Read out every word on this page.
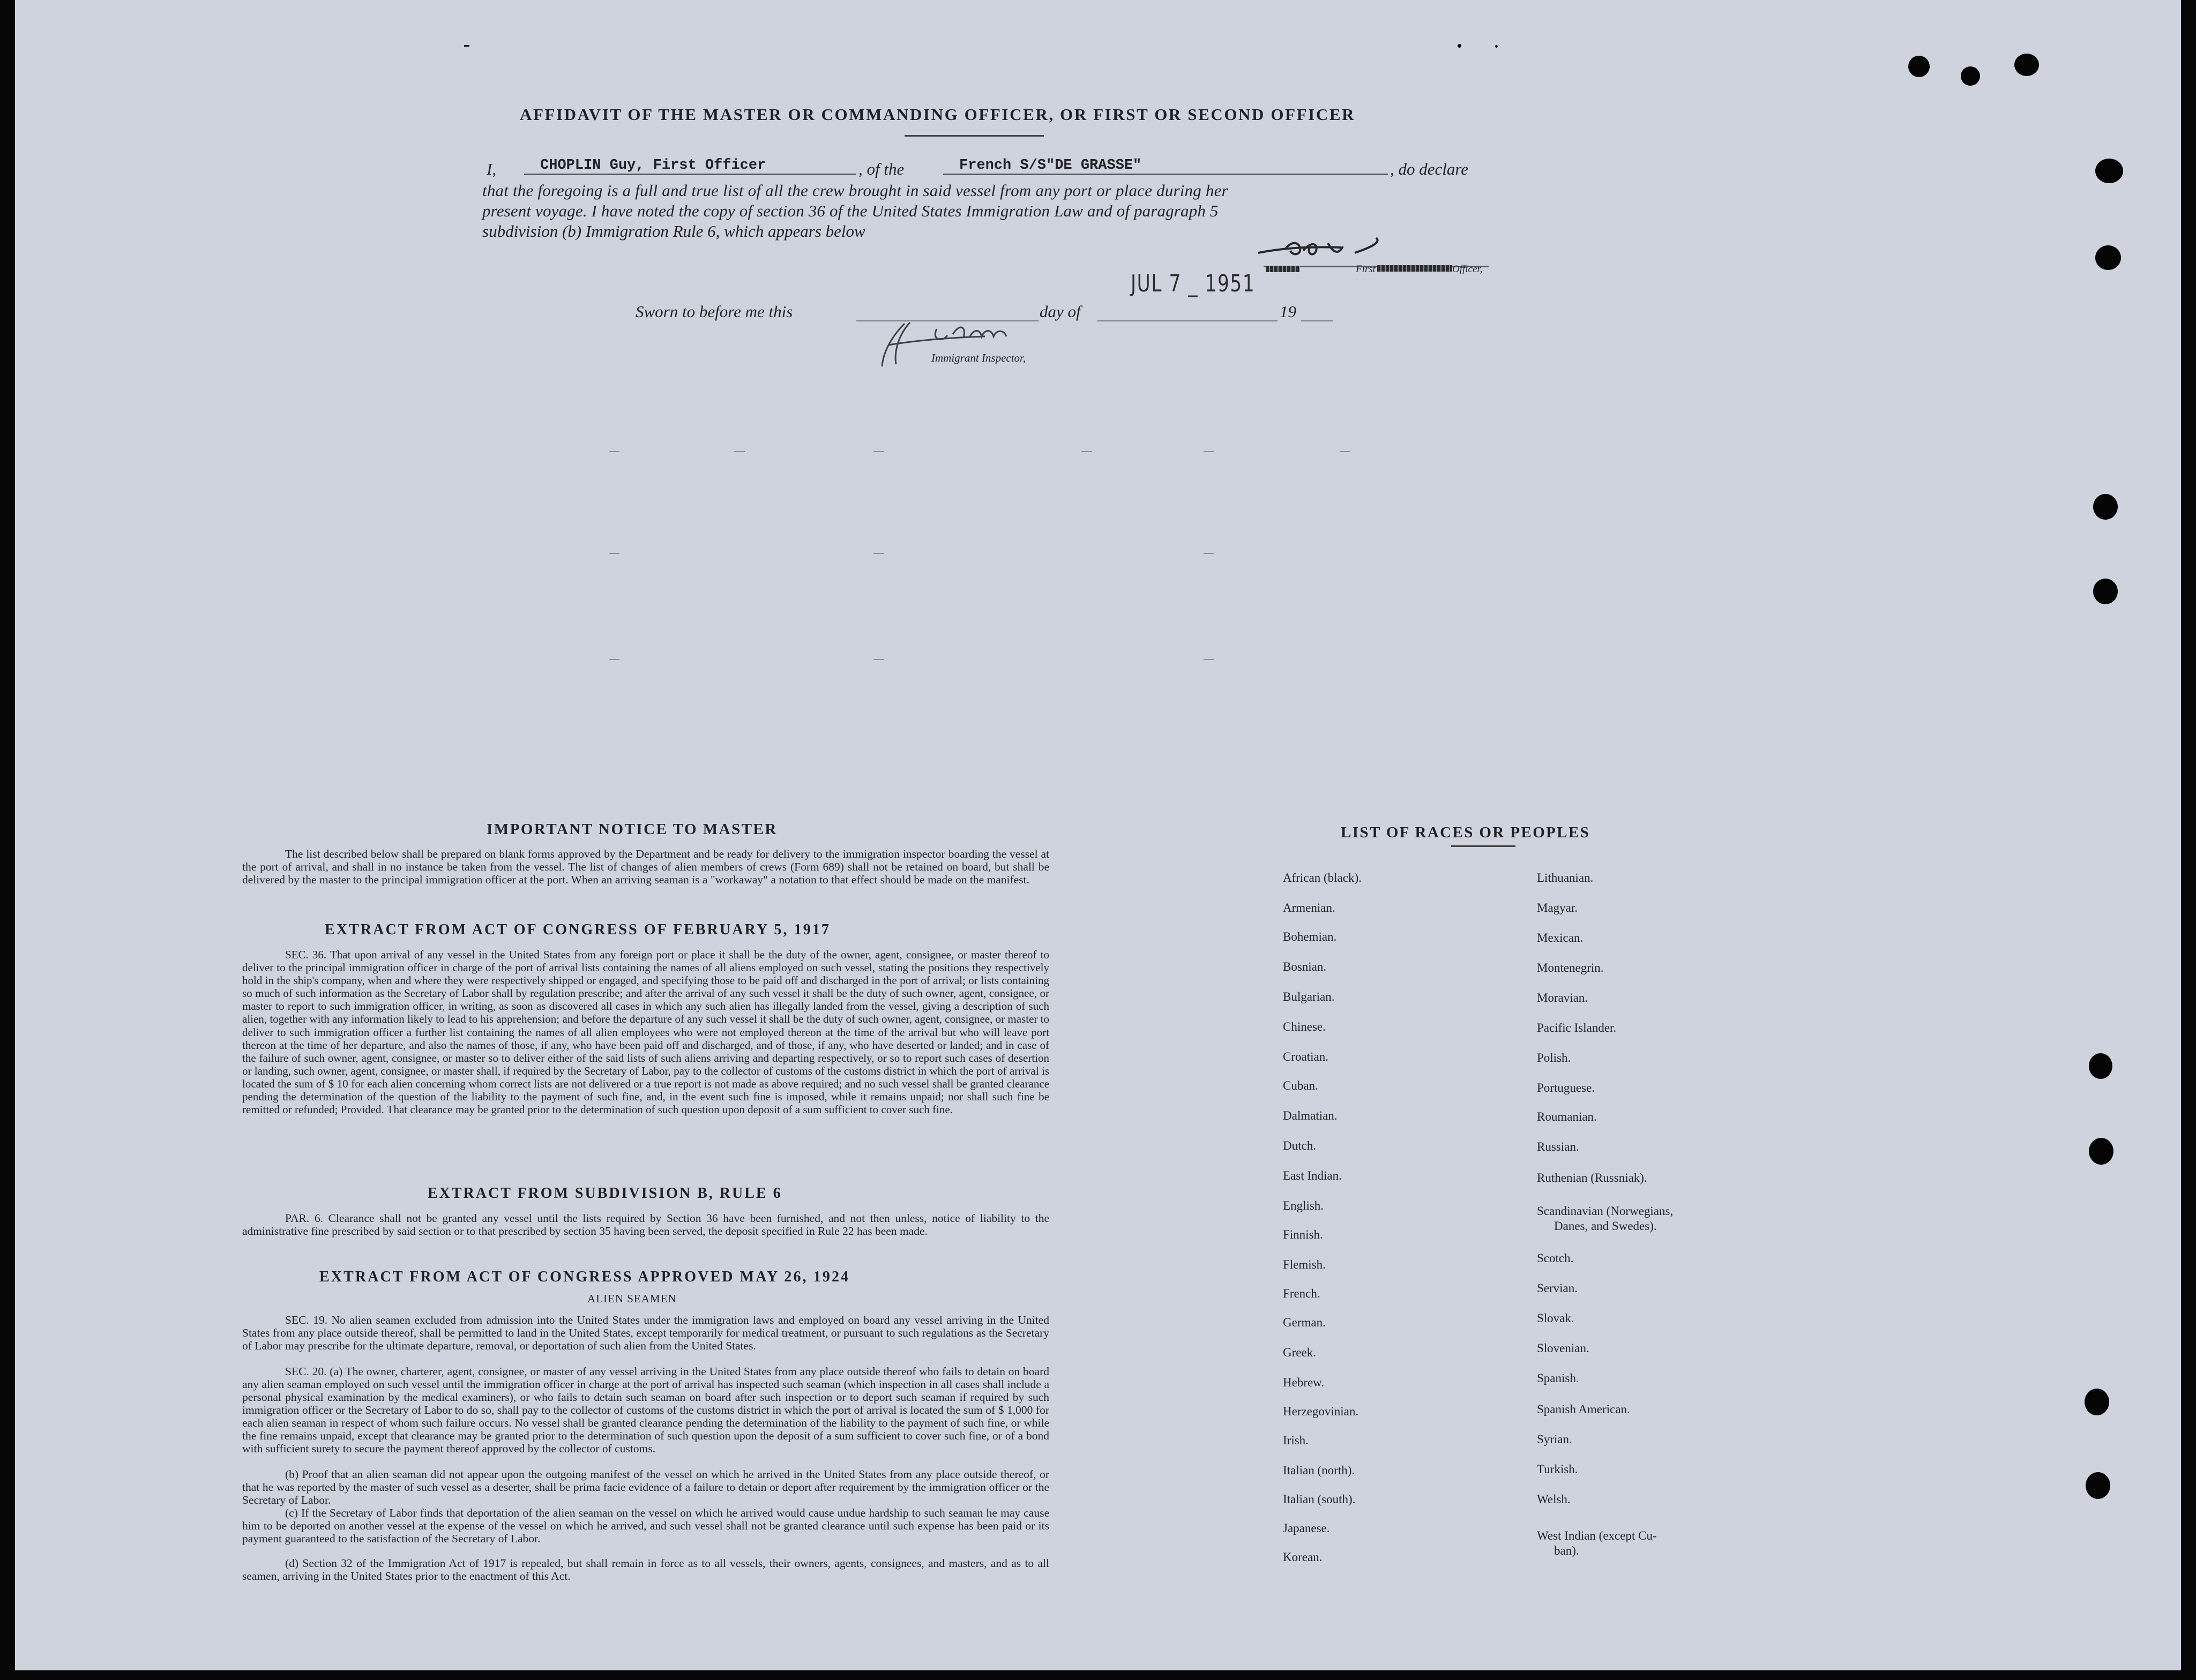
AFFIDAVIT OF THE MASTER OR COMMANDING OFFICER, OR FIRST OR SECOND OFFICER
I,	CHOPLIN Guy, First Officer	, of the	French S/S"DE GRASSE"	, do declare
that the foregoing is a full and true list of all the crew brought in said vessel from any port or place during her
present voyage. I have noted the copy of section 36 of the United States Immigration Law and of paragraph 5
subdivision (b) Immigration Rule 6, which appears below
First	Officer,
JUL 7 _ 1951
Sworn to before me this	day of	19
Immigrant Inspector,
IMPORTANT NOTICE TO MASTER
The list described below shall be prepared on blank forms approved by the Department and be ready for delivery to the immigration inspector boarding the vessel at the port of arrival, and shall in no instance be taken from the vessel. The list of changes of alien members of crews (Form 689) shall not be retained on board, but shall be delivered by the master to the principal immigration officer at the port. When an arriving seaman is a "workaway" a notation to that effect should be made on the manifest.
EXTRACT FROM ACT OF CONGRESS OF FEBRUARY 5, 1917
SEC. 36. That upon arrival of any vessel in the United States from any foreign port or place it shall be the duty of the owner, agent, consignee, or master thereof to deliver to the principal immigration officer in charge of the port of arrival lists containing the names of all aliens employed on such vessel, stating the positions they respectively hold in the ship's company, when and where they were respectively shipped or engaged, and specifying those to be paid off and discharged in the port of arrival; or lists containing so much of such information as the Secretary of Labor shall by regulation prescribe; and after the arrival of any such vessel it shall be the duty of such owner, agent, consignee, or master to report to such immigration officer, in writing, as soon as discovered all cases in which any such alien has illegally landed from the vessel, giving a description of such alien, together with any information likely to lead to his apprehension; and before the departure of any such vessel it shall be the duty of such owner, agent, consignee, or master to deliver to such immigration officer a further list containing the names of all alien employees who were not employed thereon at the time of the arrival but who will leave port thereon at the time of her departure, and also the names of those, if any, who have been paid off and discharged, and of those, if any, who have deserted or landed; and in case of the failure of such owner, agent, consignee, or master so to deliver either of the said lists of such aliens arriving and departing respectively, or so to report such cases of desertion or landing, such owner, agent, consignee, or master shall, if required by the Secretary of Labor, pay to the collector of customs of the customs district in which the port of arrival is located the sum of $ 10 for each alien concerning whom correct lists are not delivered or a true report is not made as above required; and no such vessel shall be granted clearance pending the determination of the question of the liability to the payment of such fine, and, in the event such fine is imposed, while it remains unpaid; nor shall such fine be remitted or refunded; Provided. That clearance may be granted prior to the determination of such question upon deposit of a sum sufficient to cover such fine.
EXTRACT FROM SUBDIVISION B, RULE 6
PAR. 6. Clearance shall not be granted any vessel until the lists required by Section 36 have been furnished, and not then unless, notice of liability to the administrative fine prescribed by said section or to that prescribed by section 35 having been served, the deposit specified in Rule 22 has been made.
EXTRACT FROM ACT OF CONGRESS APPROVED MAY 26, 1924
ALIEN SEAMEN
SEC. 19. No alien seamen excluded from admission into the United States under the immigration laws and employed on board any vessel arriving in the United States from any place outside thereof, shall be permitted to land in the United States, except temporarily for medical treatment, or pursuant to such regulations as the Secretary of Labor may prescribe for the ultimate departure, removal, or deportation of such alien from the United States.
SEC. 20. (a) The owner, charterer, agent, consignee, or master of any vessel arriving in the United States from any place outside thereof who fails to detain on board any alien seaman employed on such vessel until the immigration officer in charge at the port of arrival has inspected such seaman (which inspection in all cases shall include a personal physical examination by the medical examiners), or who fails to detain such seaman on board after such inspection or to deport such seaman if required by such immigration officer or the Secretary of Labor to do so, shall pay to the collector of customs of the customs district in which the port of arrival is located the sum of $ 1,000 for each alien seaman in respect of whom such failure occurs. No vessel shall be granted clearance pending the determination of the liability to the payment of such fine, or while the fine remains unpaid, except that clearance may be granted prior to the determination of such question upon the deposit of a sum sufficient to cover such fine, or of a bond with sufficient surety to secure the payment thereof approved by the collector of customs.
(b) Proof that an alien seaman did not appear upon the outgoing manifest of the vessel on which he arrived in the United States from any place outside thereof, or that he was reported by the master of such vessel as a deserter, shall be prima facie evidence of a failure to detain or deport after requirement by the immigration officer or the Secretary of Labor.
(c) If the Secretary of Labor finds that deportation of the alien seaman on the vessel on which he arrived would cause undue hardship to such seaman he may cause him to be deported on another vessel at the expense of the vessel on which he arrived, and such vessel shall not be granted clearance until such expense has been paid or its payment guaranteed to the satisfaction of the Secretary of Labor.
(d) Section 32 of the Immigration Act of 1917 is repealed, but shall remain in force as to all vessels, their owners, agents, consignees, and masters, and as to all seamen, arriving in the United States prior to the enactment of this Act.
LIST OF RACES OR PEOPLES
African (black).
Armenian.
Bohemian.
Bosnian.
Bulgarian.
Chinese.
Croatian.
Cuban.
Dalmatian.
Dutch.
East Indian.
English.
Finnish.
Flemish.
French.
German.
Greek.
Hebrew.
Herzegovinian.
Irish.
Italian (north).
Italian (south).
Japanese.
Korean.
Lithuanian.
Magyar.
Mexican.
Montenegrin.
Moravian.
Pacific Islander.
Polish.
Portuguese.
Roumanian.
Russian.
Ruthenian (Russniak).
Scandinavian (Norwegians,
Danes, and Swedes).
Scotch.
Servian.
Slovak.
Slovenian.
Spanish.
Spanish American.
Syrian.
Turkish.
Welsh.
West Indian (except Cu-
ban).
